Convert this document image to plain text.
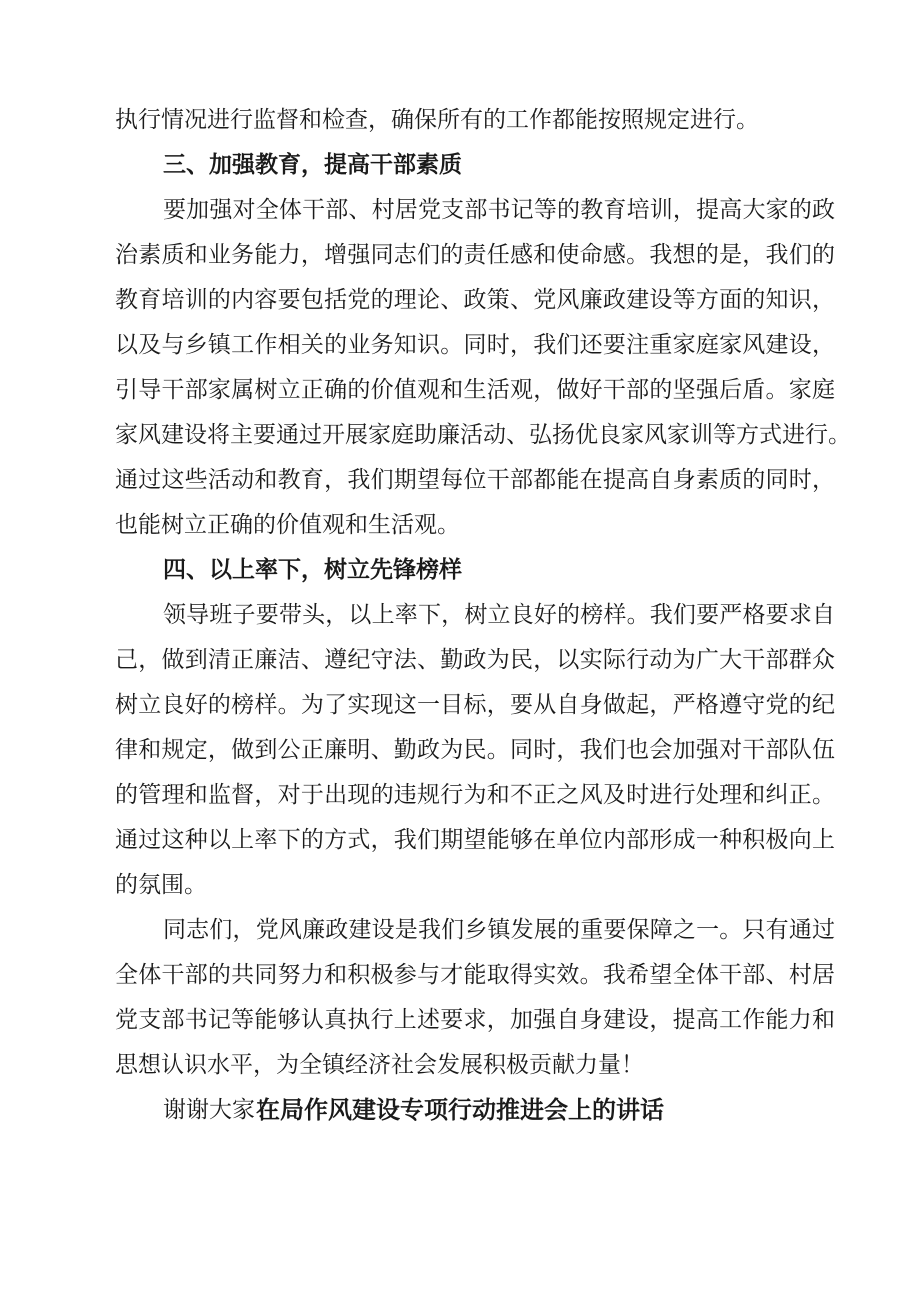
执行情况进行监督和检查，确保所有的工作都能按照规定进行。
三、加强教育，提高干部素质
要加强对全体干部、村居党支部书记等的教育培训，提高大家的政
治素质和业务能力，增强同志们的责任感和使命感。我想的是，我们的
教育培训的内容要包括党的理论、政策、党风廉政建设等方面的知识，
以及与乡镇工作相关的业务知识。同时，我们还要注重家庭家风建设，
引导干部家属树立正确的价值观和生活观，做好干部的坚强后盾。家庭
家风建设将主要通过开展家庭助廉活动、弘扬优良家风家训等方式进行。
通过这些活动和教育，我们期望每位干部都能在提高自身素质的同时，
也能树立正确的价值观和生活观。
四、以上率下，树立先锋榜样
领导班子要带头，以上率下，树立良好的榜样。我们要严格要求自
己，做到清正廉洁、遵纪守法、勤政为民，以实际行动为广大干部群众
树立良好的榜样。为了实现这一目标，要从自身做起，严格遵守党的纪
律和规定，做到公正廉明、勤政为民。同时，我们也会加强对干部队伍
的管理和监督，对于出现的违规行为和不正之风及时进行处理和纠正。
通过这种以上率下的方式，我们期望能够在单位内部形成一种积极向上
的氛围。
同志们，党风廉政建设是我们乡镇发展的重要保障之一。只有通过
全体干部的共同努力和积极参与才能取得实效。我希望全体干部、村居
党支部书记等能够认真执行上述要求，加强自身建设，提高工作能力和
思想认识水平，为全镇经济社会发展积极贡献力量！
谢谢大家！
在局作风建设专项行动推进会上的讲话
